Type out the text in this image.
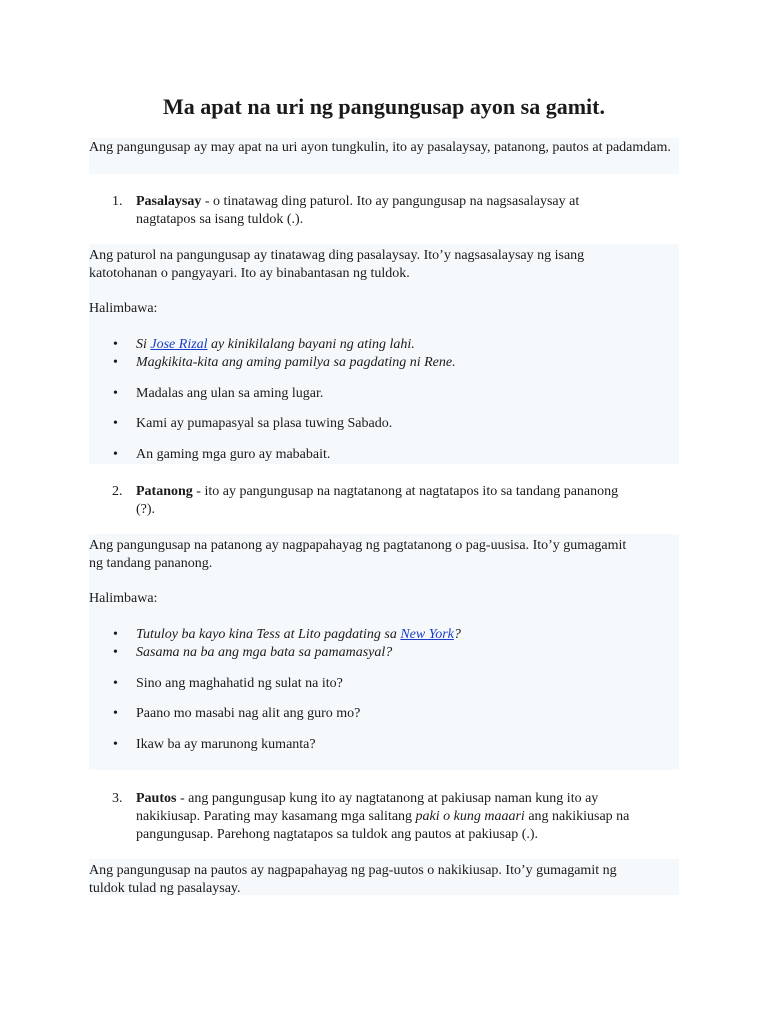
Ma apat na uri ng pangungusap ayon sa gamit.

Ang pangungusap ay may apat na uri ayon tungkulin, ito ay pasalaysay, patanong, pautos at padamdam.

1. Pasalaysay - o tinatawag ding paturol. Ito ay pangungusap na nagsasalaysay at

nagtatapos sa isang tuldok (.).

Ang paturol na pangungusap ay tinatawag ding pasalaysay. Ito’y nagsasalaysay ng isang

katotohanan o pangyayari. Ito ay binabantasan ng tuldok.

Halimbawa:

•	Si Jose Rizal ay kinikilalang bayani ng ating lahi.

•	Magkikita-kita ang aming pamilya sa pagdating ni Rene.

•	Madalas ang ulan sa aming lugar.

•	Kami ay pumapasyal sa plasa tuwing Sabado.

•	An gaming mga guro ay mababait.

2. Patanong - ito ay pangungusap na nagtatanong at nagtatapos ito sa tandang pananong

(?).

Ang pangungusap na patanong ay nagpapahayag ng pagtatanong o pag-uusisa. Ito’y gumagamit

ng tandang pananong.

Halimbawa:

•	Tutuloy ba kayo kina Tess at Lito pagdating sa New York?

•	Sasama na ba ang mga bata sa pamamasyal?

•	Sino ang maghahatid ng sulat na ito?

•	Paano mo masabi nag alit ang guro mo?

•	Ikaw ba ay marunong kumanta?

3. Pautos - ang pangungusap kung ito ay nagtatanong at pakiusap naman kung ito ay

nakikiusap. Parating may kasamang mga salitang paki o kung maaari ang nakikiusap na

pangungusap. Parehong nagtatapos sa tuldok ang pautos at pakiusap (.).

Ang pangungusap na pautos ay nagpapahayag ng pag-uutos o nakikiusap. Ito’y gumagamit ng

tuldok tulad ng pasalaysay.
